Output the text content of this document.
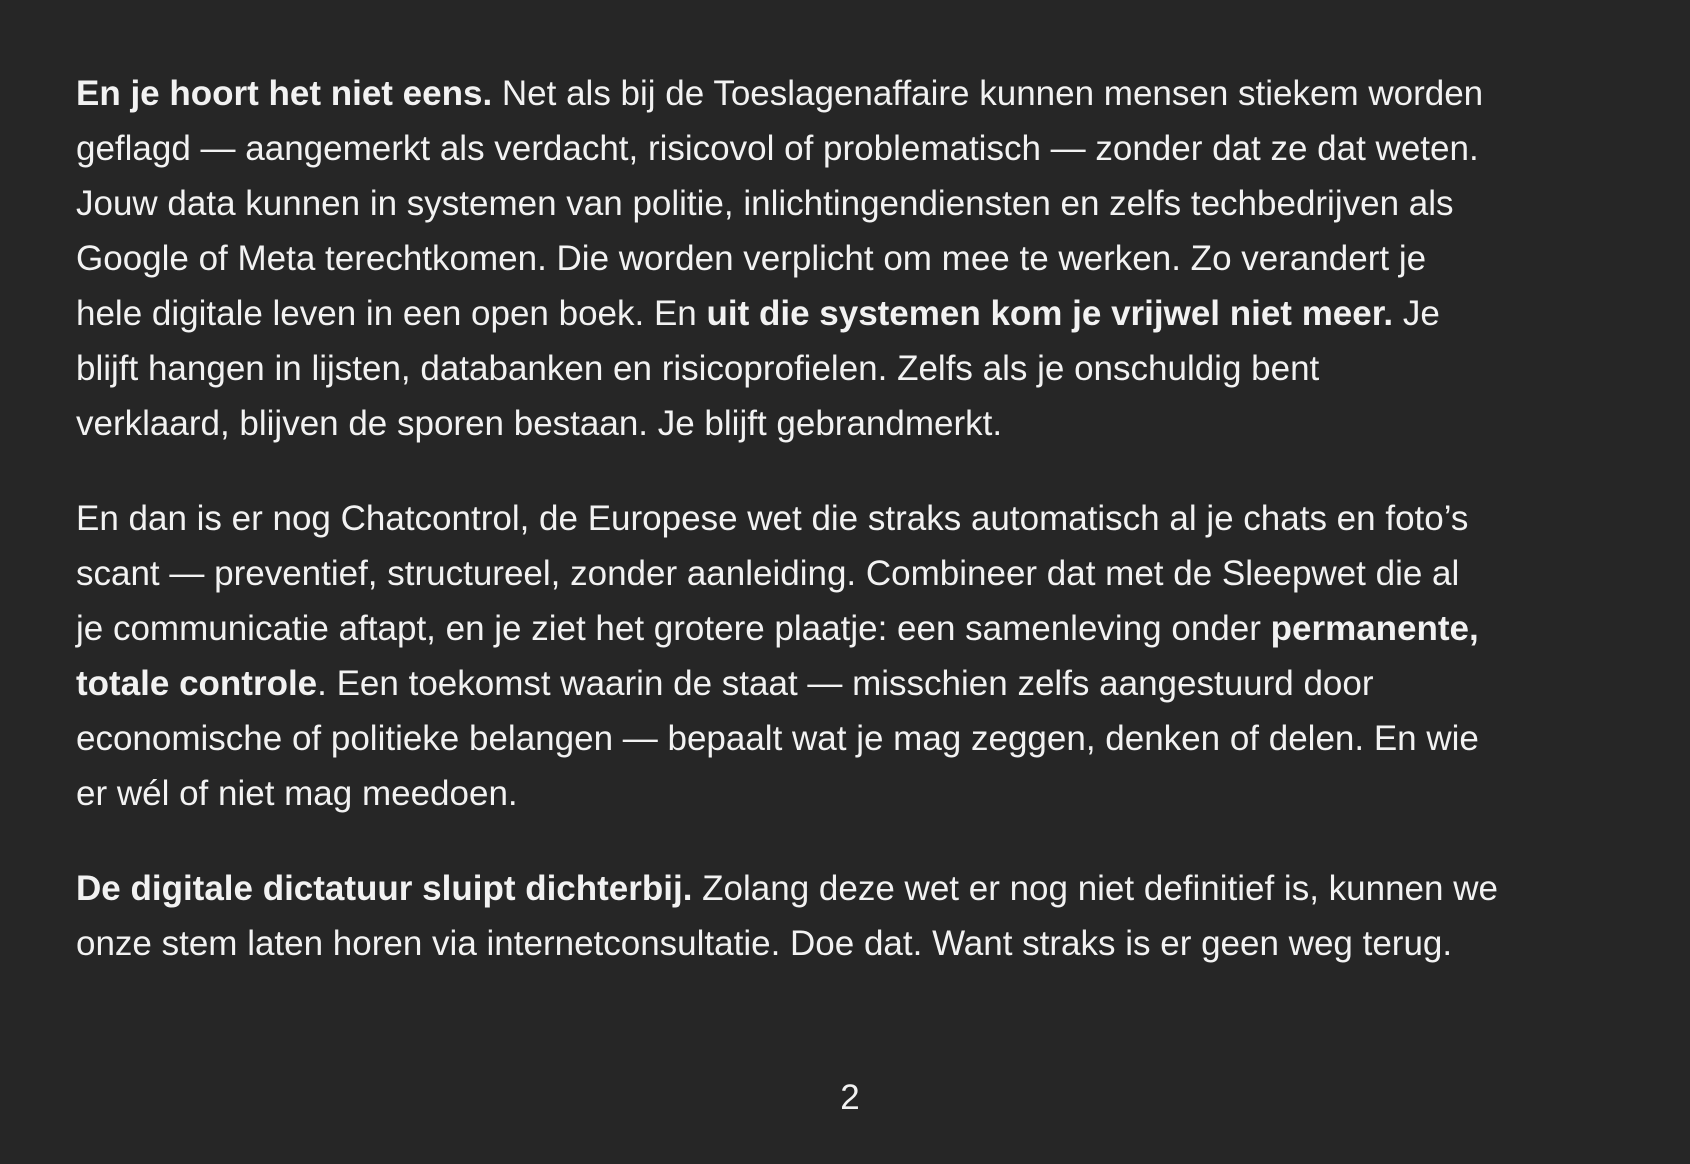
En je hoort het niet eens. Net als bij de Toeslagenaffaire kunnen mensen stiekem worden
geflagd — aangemerkt als verdacht, risicovol of problematisch — zonder dat ze dat weten.
Jouw data kunnen in systemen van politie, inlichtingendiensten en zelfs techbedrijven als
Google of Meta terechtkomen. Die worden verplicht om mee te werken. Zo verandert je
hele digitale leven in een open boek. En uit die systemen kom je vrijwel niet meer. Je
blijft hangen in lijsten, databanken en risicoprofielen. Zelfs als je onschuldig bent
verklaard, blijven de sporen bestaan. Je blijft gebrandmerkt.

En dan is er nog Chatcontrol, de Europese wet die straks automatisch al je chats en foto’s
scant — preventief, structureel, zonder aanleiding. Combineer dat met de Sleepwet die al
je communicatie aftapt, en je ziet het grotere plaatje: een samenleving onder permanente,
totale controle. Een toekomst waarin de staat — misschien zelfs aangestuurd door
economische of politieke belangen — bepaalt wat je mag zeggen, denken of delen. En wie
er wél of niet mag meedoen.

De digitale dictatuur sluipt dichterbij. Zolang deze wet er nog niet definitief is, kunnen we
onze stem laten horen via internetconsultatie. Doe dat. Want straks is er geen weg terug.

2
